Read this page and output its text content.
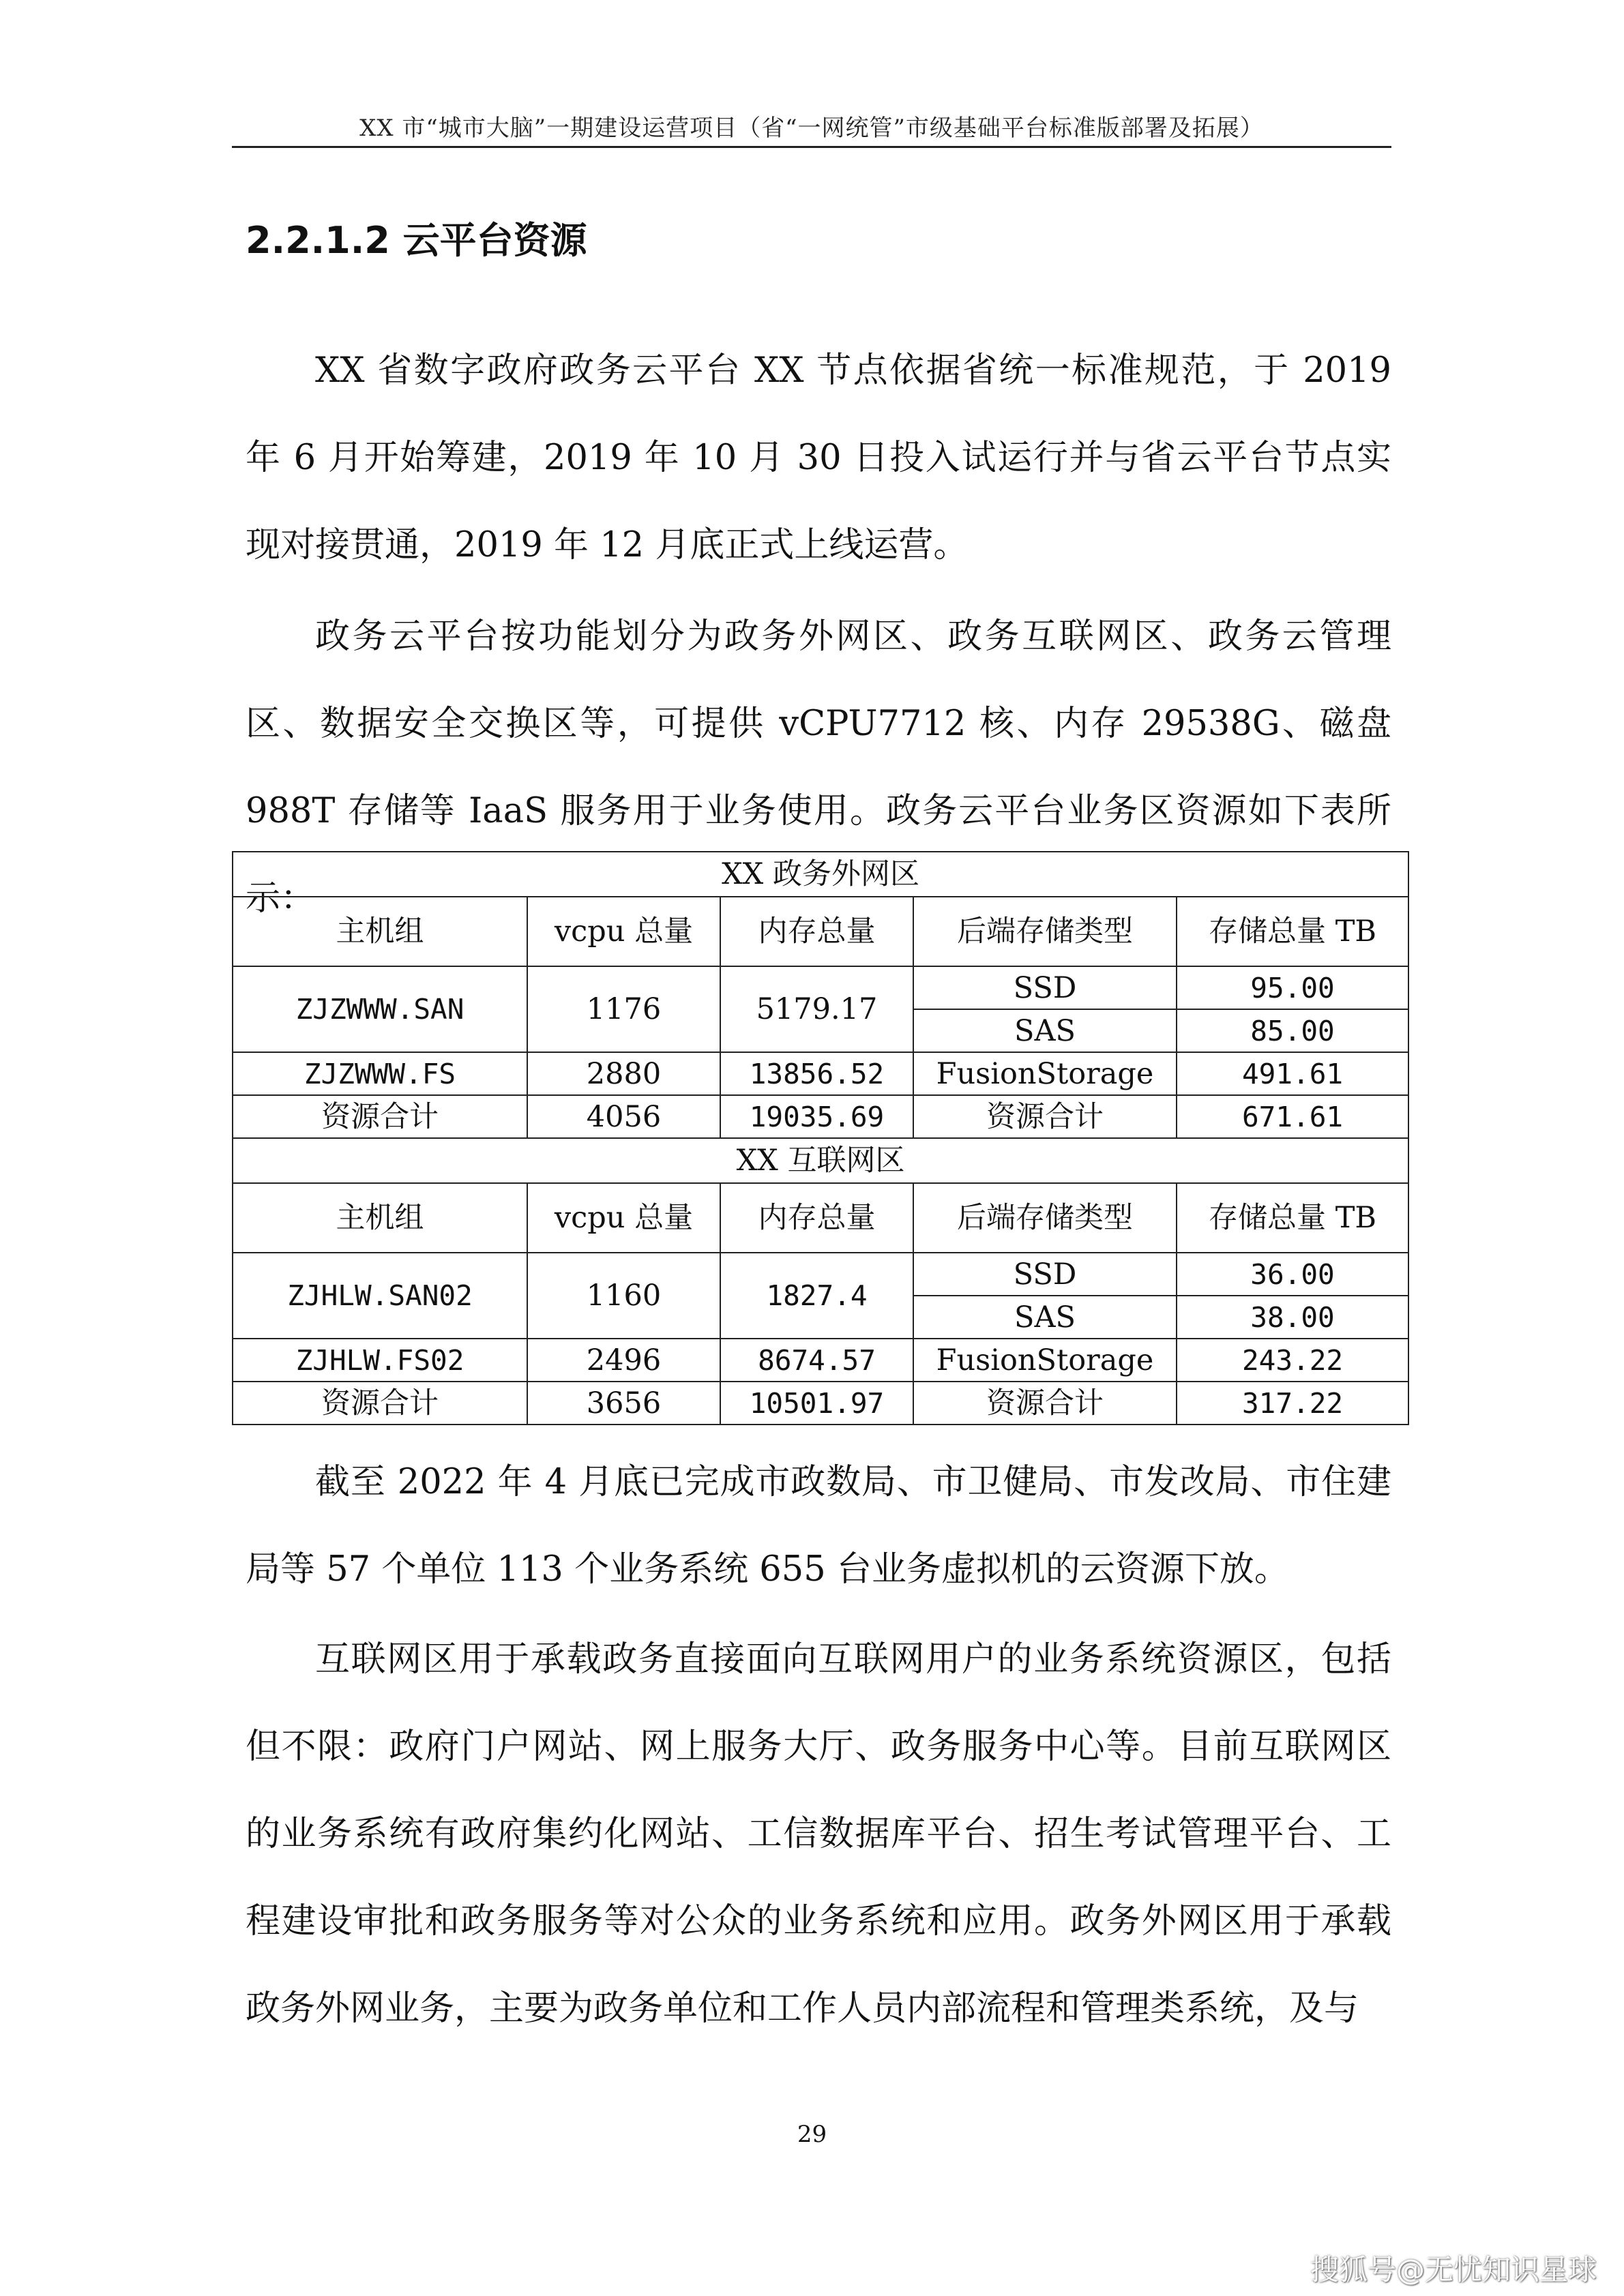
XX 市“城市大脑”一期建设运营项目（省“一网统管”市级基础平台标准版部署及拓展）
2.2.1.2 云平台资源

XX 省数字政府政务云平台 XX 节点依据省统一标准规范，于 2019 年 6 月开始筹建，2019 年 10 月 30 日投入试运行并与省云平台节点实现对接贯通，2019 年 12 月底正式上线运营。

政务云平台按功能划分为政务外网区、政务互联网区、政务云管理区、数据安全交换区等，可提供 vCPU7712 核、内存 29538G、磁盘 988T 存储等 IaaS 服务用于业务使用。政务云平台业务区资源如下表所示：

XX 政务外网区				
主机组	vcpu 总量	内存总量	后端存储类型	存储总量 TB
ZJZWWW.SAN	1176	5179.17	SSD	95.00
			SAS	85.00
ZJZWWW.FS	2880	13856.52	FusionStorage	491.61
资源合计	4056	19035.69	资源合计	671.61
XX 互联网区				
主机组	vcpu 总量	内存总量	后端存储类型	存储总量 TB
ZJHLW.SAN02	1160	1827.4	SSD	36.00
			SAS	38.00
ZJHLW.FS02	2496	8674.57	FusionStorage	243.22
资源合计	3656	10501.97	资源合计	317.22

截至 2022 年 4 月底已完成市政数局、市卫健局、市发改局、市住建局等 57 个单位 113 个业务系统 655 台业务虚拟机的云资源下放。

互联网区用于承载政务直接面向互联网用户的业务系统资源区，包括但不限：政府门户网站、网上服务大厅、政务服务中心等。目前互联网区的业务系统有政府集约化网站、工信数据库平台、招生考试管理平台、工程建设审批和政务服务等对公众的业务系统和应用。政务外网区用于承载政务外网业务，主要为政务单位和工作人员内部流程和管理类系统，及与

29
搜狐号@无忧知识星球
